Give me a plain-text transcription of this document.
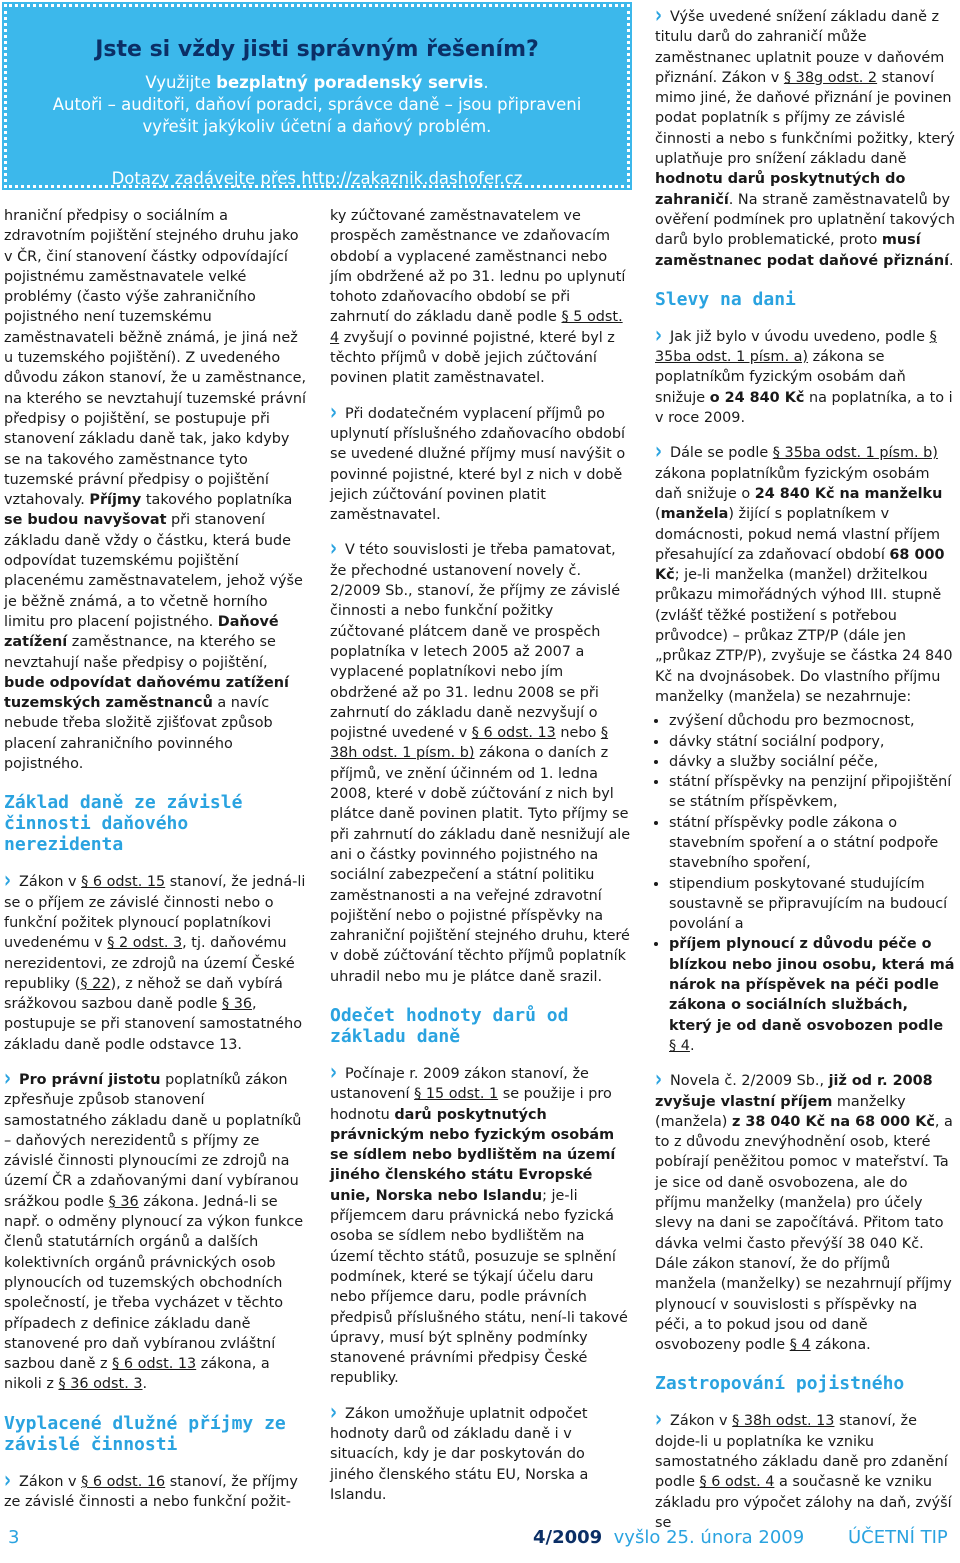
Jste si vždy jisti správným řešením?

Využijte bezplatný poradenský servis.

Autoři – auditoři, daňoví poradci, správce daně – jsou připraveni

vyřešit jakýkoliv účetní a daňový problém.

Dotazy zadávejte přes http://zakaznik.dashofer.cz

hraniční předpisy o sociálním a zdravotním pojištění stejného druhu jako v ČR, činí stanovení částky odpovídající pojistnému zaměstnavatele velké problémy (často výše zahraničního pojistného není tuzemskému zaměstnavateli běžně známá, je jiná než u tuzemského pojištění). Z uvedeného důvodu zákon stanoví, že u zaměstnance, na kterého se nevztahují tuzemské právní předpisy o pojištění, se postupuje při stanovení základu daně tak, jako kdyby se na takového zaměstnance tyto tuzemské právní předpisy o pojištění vztahovaly. Příjmy takového poplatníka se budou navyšovat při stanovení základu daně vždy o částku, která bude odpovídat tuzemskému pojištění placenému zaměstnavatelem, jehož výše je běžně známá, a to včetně horního limitu pro placení pojistného. Daňové zatížení zaměstnance, na kterého se nevztahují naše předpisy o pojištění, bude odpovídat daňovému zatížení tuzemských zaměstnanců a navíc nebude třeba složitě zjišťovat způsob placení zahraničního povinného pojistného.

Základ daně ze závislé činnosti daňového nerezidenta

› Zákon v § 6 odst. 15 stanoví, že jedná-li se o příjem ze závislé činnosti nebo o funkční požitek plynoucí poplatníkovi uvedenému v § 2 odst. 3, tj. daňovému nerezidentovi, ze zdrojů na území České republiky (§ 22), z něhož se daň vybírá srážkovou sazbou daně podle § 36, postupuje se při stanovení samostatného základu daně podle odstavce 13.

› Pro právní jistotu poplatníků zákon zpřesňuje způsob stanovení samostatného základu daně u poplatníků – daňových nerezidentů s příjmy ze závislé činnosti plynoucími ze zdrojů na území ČR a zdaňovanými daní vybíranou srážkou podle § 36 zákona. Jedná-li se např. o odměny plynoucí za výkon funkce členů statutárních orgánů a dalších kolektivních orgánů právnických osob plynoucích od tuzemských obchodních společností, je třeba vycházet v těchto případech z definice základu daně stanovené pro daň vybíranou zvláštní sazbou daně z § 6 odst. 13 zákona, a nikoli z § 36 odst. 3.

Vyplacené dlužné příjmy ze závislé činnosti

› Zákon v § 6 odst. 16 stanoví, že příjmy ze závislé činnosti a nebo funkční požit-

ky zúčtované zaměstnavatelem ve prospěch zaměstnance ve zdaňovacím období a vyplacené zaměstnanci nebo jím obdržené až po 31. lednu po uplynutí tohoto zdaňovacího období se při zahrnutí do základu daně podle § 5 odst. 4 zvyšují o povinné pojistné, které byl z těchto příjmů v době jejich zúčtování povinen platit zaměstnavatel.

› Při dodatečném vyplacení příjmů po uplynutí příslušného zdaňovacího období se uvedené dlužné příjmy musí navýšit o povinné pojistné, které byl z nich v době jejich zúčtování povinen platit zaměstnavatel.

› V této souvislosti je třeba pamatovat, že přechodné ustanovení novely č. 2/2009 Sb., stanoví, že příjmy ze závislé činnosti a nebo funkční požitky zúčtované plátcem daně ve prospěch poplatníka v letech 2005 až 2007 a vyplacené poplatníkovi nebo jím obdržené až po 31. lednu 2008 se při zahrnutí do základu daně nezvyšují o pojistné uvedené v § 6 odst. 13 nebo § 38h odst. 1 písm. b) zákona o daních z příjmů, ve znění účinném od 1. ledna 2008, které v době zúčtování z nich byl plátce daně povinen platit. Tyto příjmy se při zahrnutí do základu daně nesnižují ale ani o částky povinného pojistného na sociální zabezpečení a státní politiku zaměstnanosti a na veřejné zdravotní pojištění nebo o pojistné příspěvky na zahraniční pojištění stejného druhu, které v době zúčtování těchto příjmů poplatník uhradil nebo mu je plátce daně srazil.

Odečet hodnoty darů od základu daně

› Počínaje r. 2009 zákon stanoví, že ustanovení § 15 odst. 1 se použije i pro hodnotu darů poskytnutých právnickým nebo fyzickým osobám se sídlem nebo bydlištěm na území jiného členského státu Evropské unie, Norska nebo Islandu; je-li příjemcem daru právnická nebo fyzická osoba se sídlem nebo bydlištěm na území těchto států, posuzuje se splnění podmínek, které se týkají účelu daru nebo příjemce daru, podle právních předpisů příslušného státu, není-li takové úpravy, musí být splněny podmínky stanovené právními předpisy České republiky.

› Zákon umožňuje uplatnit odpočet hodnoty darů od základu daně i v situacích, kdy je dar poskytován do jiného členského státu EU, Norska a Islandu.

› Výše uvedené snížení základu daně z titulu darů do zahraničí může zaměstnanec uplatnit pouze v daňovém přiznání. Zákon v § 38g odst. 2 stanoví mimo jiné, že daňové přiznání je povinen podat poplatník s příjmy ze závislé činnosti a nebo s funkčními požitky, který uplatňuje pro snížení základu daně hodnotu darů poskytnutých do zahraničí. Na straně zaměstnavatelů by ověření podmínek pro uplatnění takových darů bylo problematické, proto musí zaměstnanec podat daňové přiznání.

Slevy na dani

› Jak již bylo v úvodu uvedeno, podle § 35ba odst. 1 písm. a) zákona se poplatníkům fyzickým osobám daň snižuje o 24 840 Kč na poplatníka, a to i v roce 2009.

› Dále se podle § 35ba odst. 1 písm. b) zákona poplatníkům fyzickým osobám daň snižuje o 24 840 Kč na manželku (manžela) žijící s poplatníkem v domácnosti, pokud nemá vlastní příjem přesahující za zdaňovací období 68 000 Kč; je-li manželka (manžel) držitelkou průkazu mimořádných výhod III. stupně (zvlášť těžké postižení s potřebou průvodce) – průkaz ZTP/P (dále jen „průkaz ZTP/P), zvyšuje se částka 24 840 Kč na dvojnásobek. Do vlastního příjmu manželky (manžela) se nezahrnuje:

• zvýšení důchodu pro bezmocnost,
• dávky státní sociální podpory,
• dávky a služby sociální péče,
• státní příspěvky na penzijní připojištění se státním příspěvkem,
• státní příspěvky podle zákona o stavebním spoření a o státní podpoře stavebního spoření,
• stipendium poskytované studujícím soustavně se připravujícím na budoucí povolání a
• příjem plynoucí z důvodu péče o blízkou nebo jinou osobu, která má nárok na příspěvek na péči podle zákona o sociálních službách, který je od daně osvobozen podle § 4.

› Novela č. 2/2009 Sb., již od r. 2008 zvyšuje vlastní příjem manželky (manžela) z 38 040 Kč na 68 000 Kč, a to z důvodu znevýhodnění osob, které pobírají peněžitou pomoc v mateřství. Ta je sice od daně osvobozena, ale do příjmu manželky (manžela) pro účely slevy na dani se započítává. Přitom tato dávka velmi často převýší 38 040 Kč. Dále zákon stanoví, že do příjmů manžela (manželky) se nezahrnují příjmy plynoucí v souvislosti s příspěvky na péči, a to pokud jsou od daně osvobozeny podle § 4 zákona.

Zastropování pojistného

› Zákon v § 38h odst. 13 stanoví, že dojde-li u poplatníka ke vzniku samostatného základu daně pro zdanění podle § 6 odst. 4 a současně ke vzniku základu pro výpočet zálohy na daň, zvýší se

3	4/2009 vyšlo 25. února 2009 ÚČETNÍ TIP
